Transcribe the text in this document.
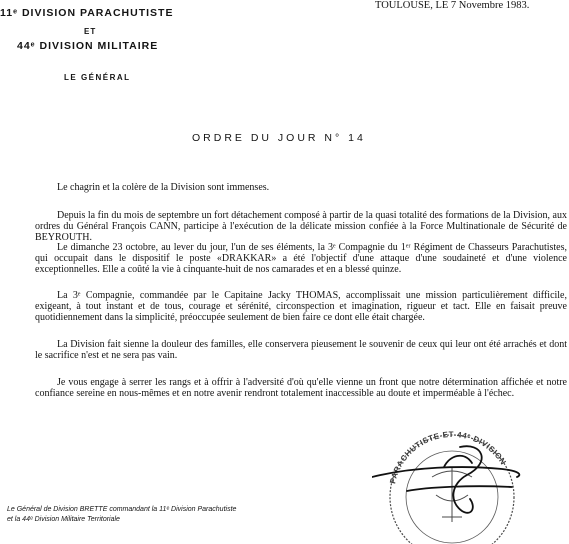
11ᵉ DIVISION PARACHUTISTE
ET
44ᵉ DIVISION MILITAIRE
LE GÉNÉRAL
TOULOUSE, LE 7 Novembre 1983.
ORDRE DU JOUR N° 14

Le chagrin et la colère de la Division sont immenses.

Depuis la fin du mois de septembre un fort détachement composé à partir de la quasi totalité des formations de la Division, aux ordres du Général François CANN, participe à l'exécution de la délicate mission confiée à la Force Multinationale de Sécurité de BEYROUTH.

Le dimanche 23 octobre, au lever du jour, l'un de ses éléments, la 3ᵉ Compagnie du 1ᵉʳ Régiment de Chasseurs Parachutistes, qui occupait dans le dispositif le poste «DRAKKAR» a été l'objectif d'une attaque d'une soudaineté et d'une violence exceptionnelles. Elle a coûté la vie à cinquante-huit de nos camarades et en a blessé quinze.

La 3ᵉ Compagnie, commandée par le Capitaine Jacky THOMAS, accomplissait une mission particulièrement difficile, exigeant, à tout instant et de tous, courage et sérénité, circonspection et imagination, rigueur et tact. Elle en faisait preuve quotidiennement dans la simplicité, préoccupée seulement de bien faire ce dont elle était chargée.

La Division fait sienne la douleur des familles, elle conservera pieusement le souvenir de ceux qui leur ont été arrachés et dont le sacrifice n'est et ne sera pas vain.

Je vous engage à serrer les rangs et à offrir à l'adversité d'où qu'elle vienne un front que notre détermination affichée et notre confiance sereine en nous-mêmes et en notre avenir rendront totalement inaccessible au doute et imperméable à l'échec.

Le Général de Division BRETTE commandant la 11ᵉ Division Parachutiste
et la 44ᵉ Division Militaire Territoriale
PARACHUTISTE ET 44ᵉ DIVISION
